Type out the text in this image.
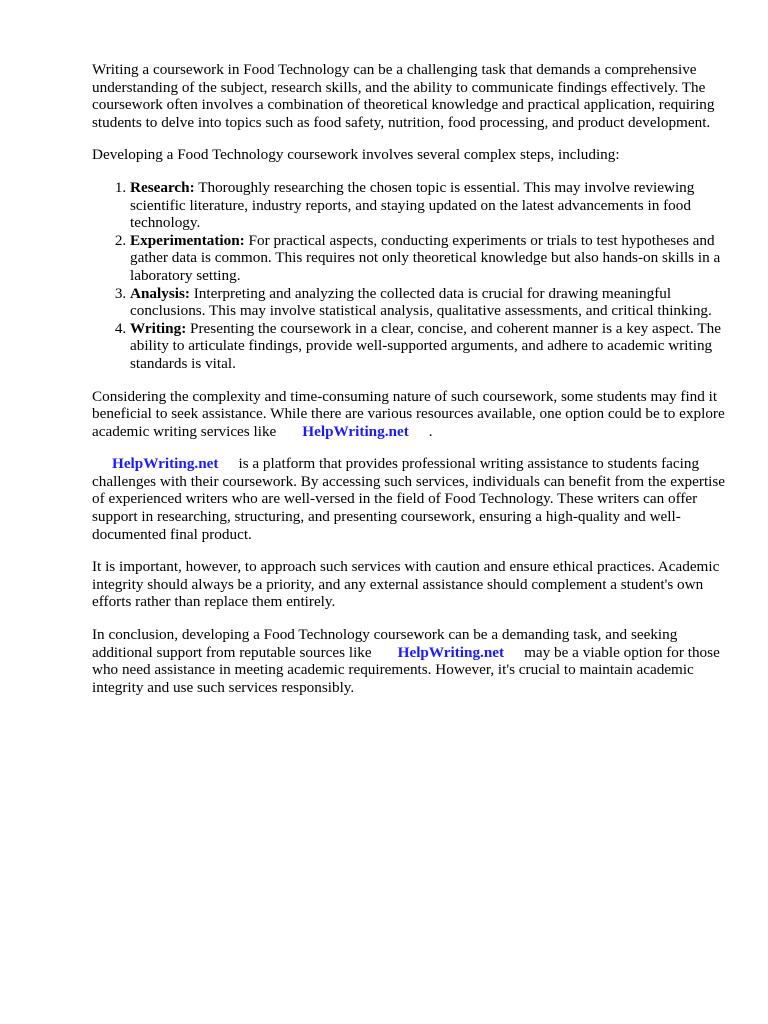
Writing a coursework in Food Technology can be a challenging task that demands a comprehensive understanding of the subject, research skills, and the ability to communicate findings effectively. The coursework often involves a combination of theoretical knowledge and practical application, requiring students to delve into topics such as food safety, nutrition, food processing, and product development.

Developing a Food Technology coursework involves several complex steps, including:

1. Research: Thoroughly researching the chosen topic is essential. This may involve reviewing scientific literature, industry reports, and staying updated on the latest advancements in food technology.
2. Experimentation: For practical aspects, conducting experiments or trials to test hypotheses and gather data is common. This requires not only theoretical knowledge but also hands-on skills in a laboratory setting.
3. Analysis: Interpreting and analyzing the collected data is crucial for drawing meaningful conclusions. This may involve statistical analysis, qualitative assessments, and critical thinking.
4. Writing: Presenting the coursework in a clear, concise, and coherent manner is a key aspect. The ability to articulate findings, provide well-supported arguments, and adhere to academic writing standards is vital.

Considering the complexity and time-consuming nature of such coursework, some students may find it beneficial to seek assistance. While there are various resources available, one option could be to explore academic writing services like HelpWriting.net .

HelpWriting.net is a platform that provides professional writing assistance to students facing challenges with their coursework. By accessing such services, individuals can benefit from the expertise of experienced writers who are well-versed in the field of Food Technology. These writers can offer support in researching, structuring, and presenting coursework, ensuring a high-quality and well-documented final product.

It is important, however, to approach such services with caution and ensure ethical practices. Academic integrity should always be a priority, and any external assistance should complement a student's own efforts rather than replace them entirely.

In conclusion, developing a Food Technology coursework can be a demanding task, and seeking additional support from reputable sources like HelpWriting.net may be a viable option for those who need assistance in meeting academic requirements. However, it's crucial to maintain academic integrity and use such services responsibly.
